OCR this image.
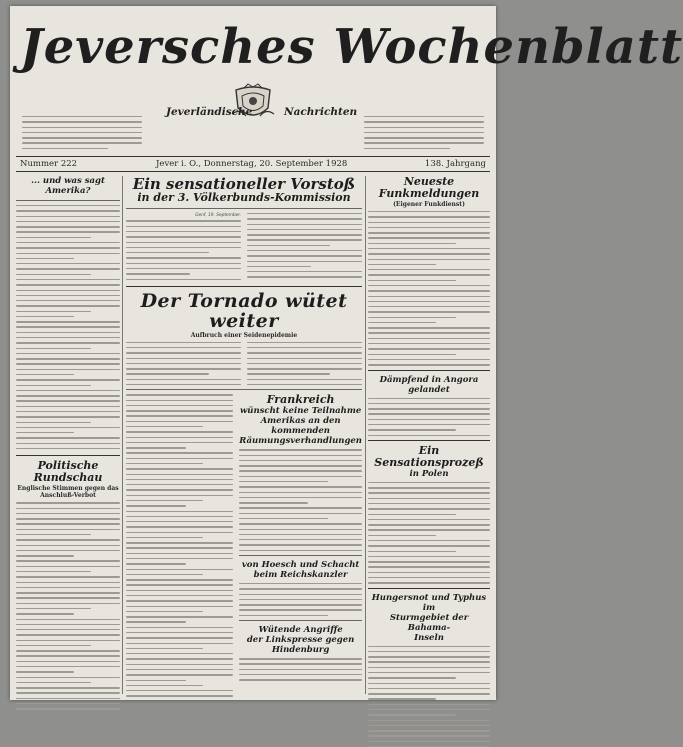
Jeversches Wochenblatt
Jeverländische	Nachrichten
Nummer 222	Jever i. O., Donnerstag, 20. September 1928	138. Jahrgang
... und was sagt Amerika?
Politische Rundschau
Englische Stimmen gegen das Anschluß-Verbot
Ein sensationeller Vorstoß
in der 3. Völkerbunds-Kommission
Genf, 19. September.
Der Tornado wütet weiter
Aufbruch einer Seidenepidemie
Frankreich
wünscht keine Teilnahme
Amerikas an den kommenden
Räumungsverhandlungen
von Hoesch und Schacht
beim Reichskanzler
Wütende Angriffe
der Linkspresse gegen
Hindenburg
Neueste Funkmeldungen
(Eigener Funkdienst)
Dämpfend in Angora gelandet
Ein Sensationsprozeß
in Polen
Hungersnot und Typhus im
Sturmgebiet der Bahama-
Inseln
